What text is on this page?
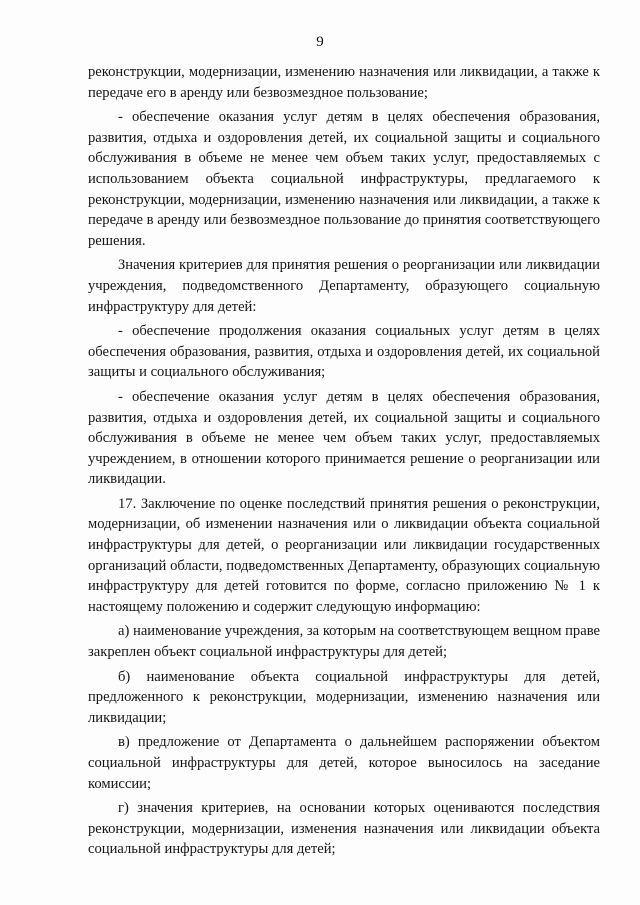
9

реконструкции, модернизации, изменению назначения или ликвидации, а также к передаче его в аренду или безвозмездное пользование;

- обеспечение оказания услуг детям в целях обеспечения образования, развития, отдыха и оздоровления детей, их социальной защиты и социального обслуживания в объеме не менее чем объем таких услуг, предоставляемых с использованием объекта социальной инфраструктуры, предлагаемого к реконструкции, модернизации, изменению назначения или ликвидации, а также к передаче в аренду или безвозмездное пользование до принятия соответствующего решения.

Значения критериев для принятия решения о реорганизации или ликвидации учреждения, подведомственного Департаменту, образующего социальную инфраструктуру для детей:

- обеспечение продолжения оказания социальных услуг детям в целях обеспечения образования, развития, отдыха и оздоровления детей, их социальной защиты и социального обслуживания;

- обеспечение оказания услуг детям в целях обеспечения образования, развития, отдыха и оздоровления детей, их социальной защиты и социального обслуживания в объеме не менее чем объем таких услуг, предоставляемых учреждением, в отношении которого принимается решение о реорганизации или ликвидации.

17. Заключение по оценке последствий принятия решения о реконструкции, модернизации, об изменении назначения или о ликвидации объекта социальной инфраструктуры для детей, о реорганизации или ликвидации государственных организаций области, подведомственных Департаменту, образующих социальную инфраструктуру для детей готовится по форме, согласно приложению № 1 к настоящему положению и содержит следующую информацию:

а) наименование учреждения, за которым на соответствующем вещном праве закреплен объект социальной инфраструктуры для детей;

б) наименование объекта социальной инфраструктуры для детей, предложенного к реконструкции, модернизации, изменению назначения или ликвидации;

в) предложение от Департамента о дальнейшем распоряжении объектом социальной инфраструктуры для детей, которое выносилось на заседание комиссии;

г) значения критериев, на основании которых оцениваются последствия реконструкции, модернизации, изменения назначения или ликвидации объекта социальной инфраструктуры для детей;
